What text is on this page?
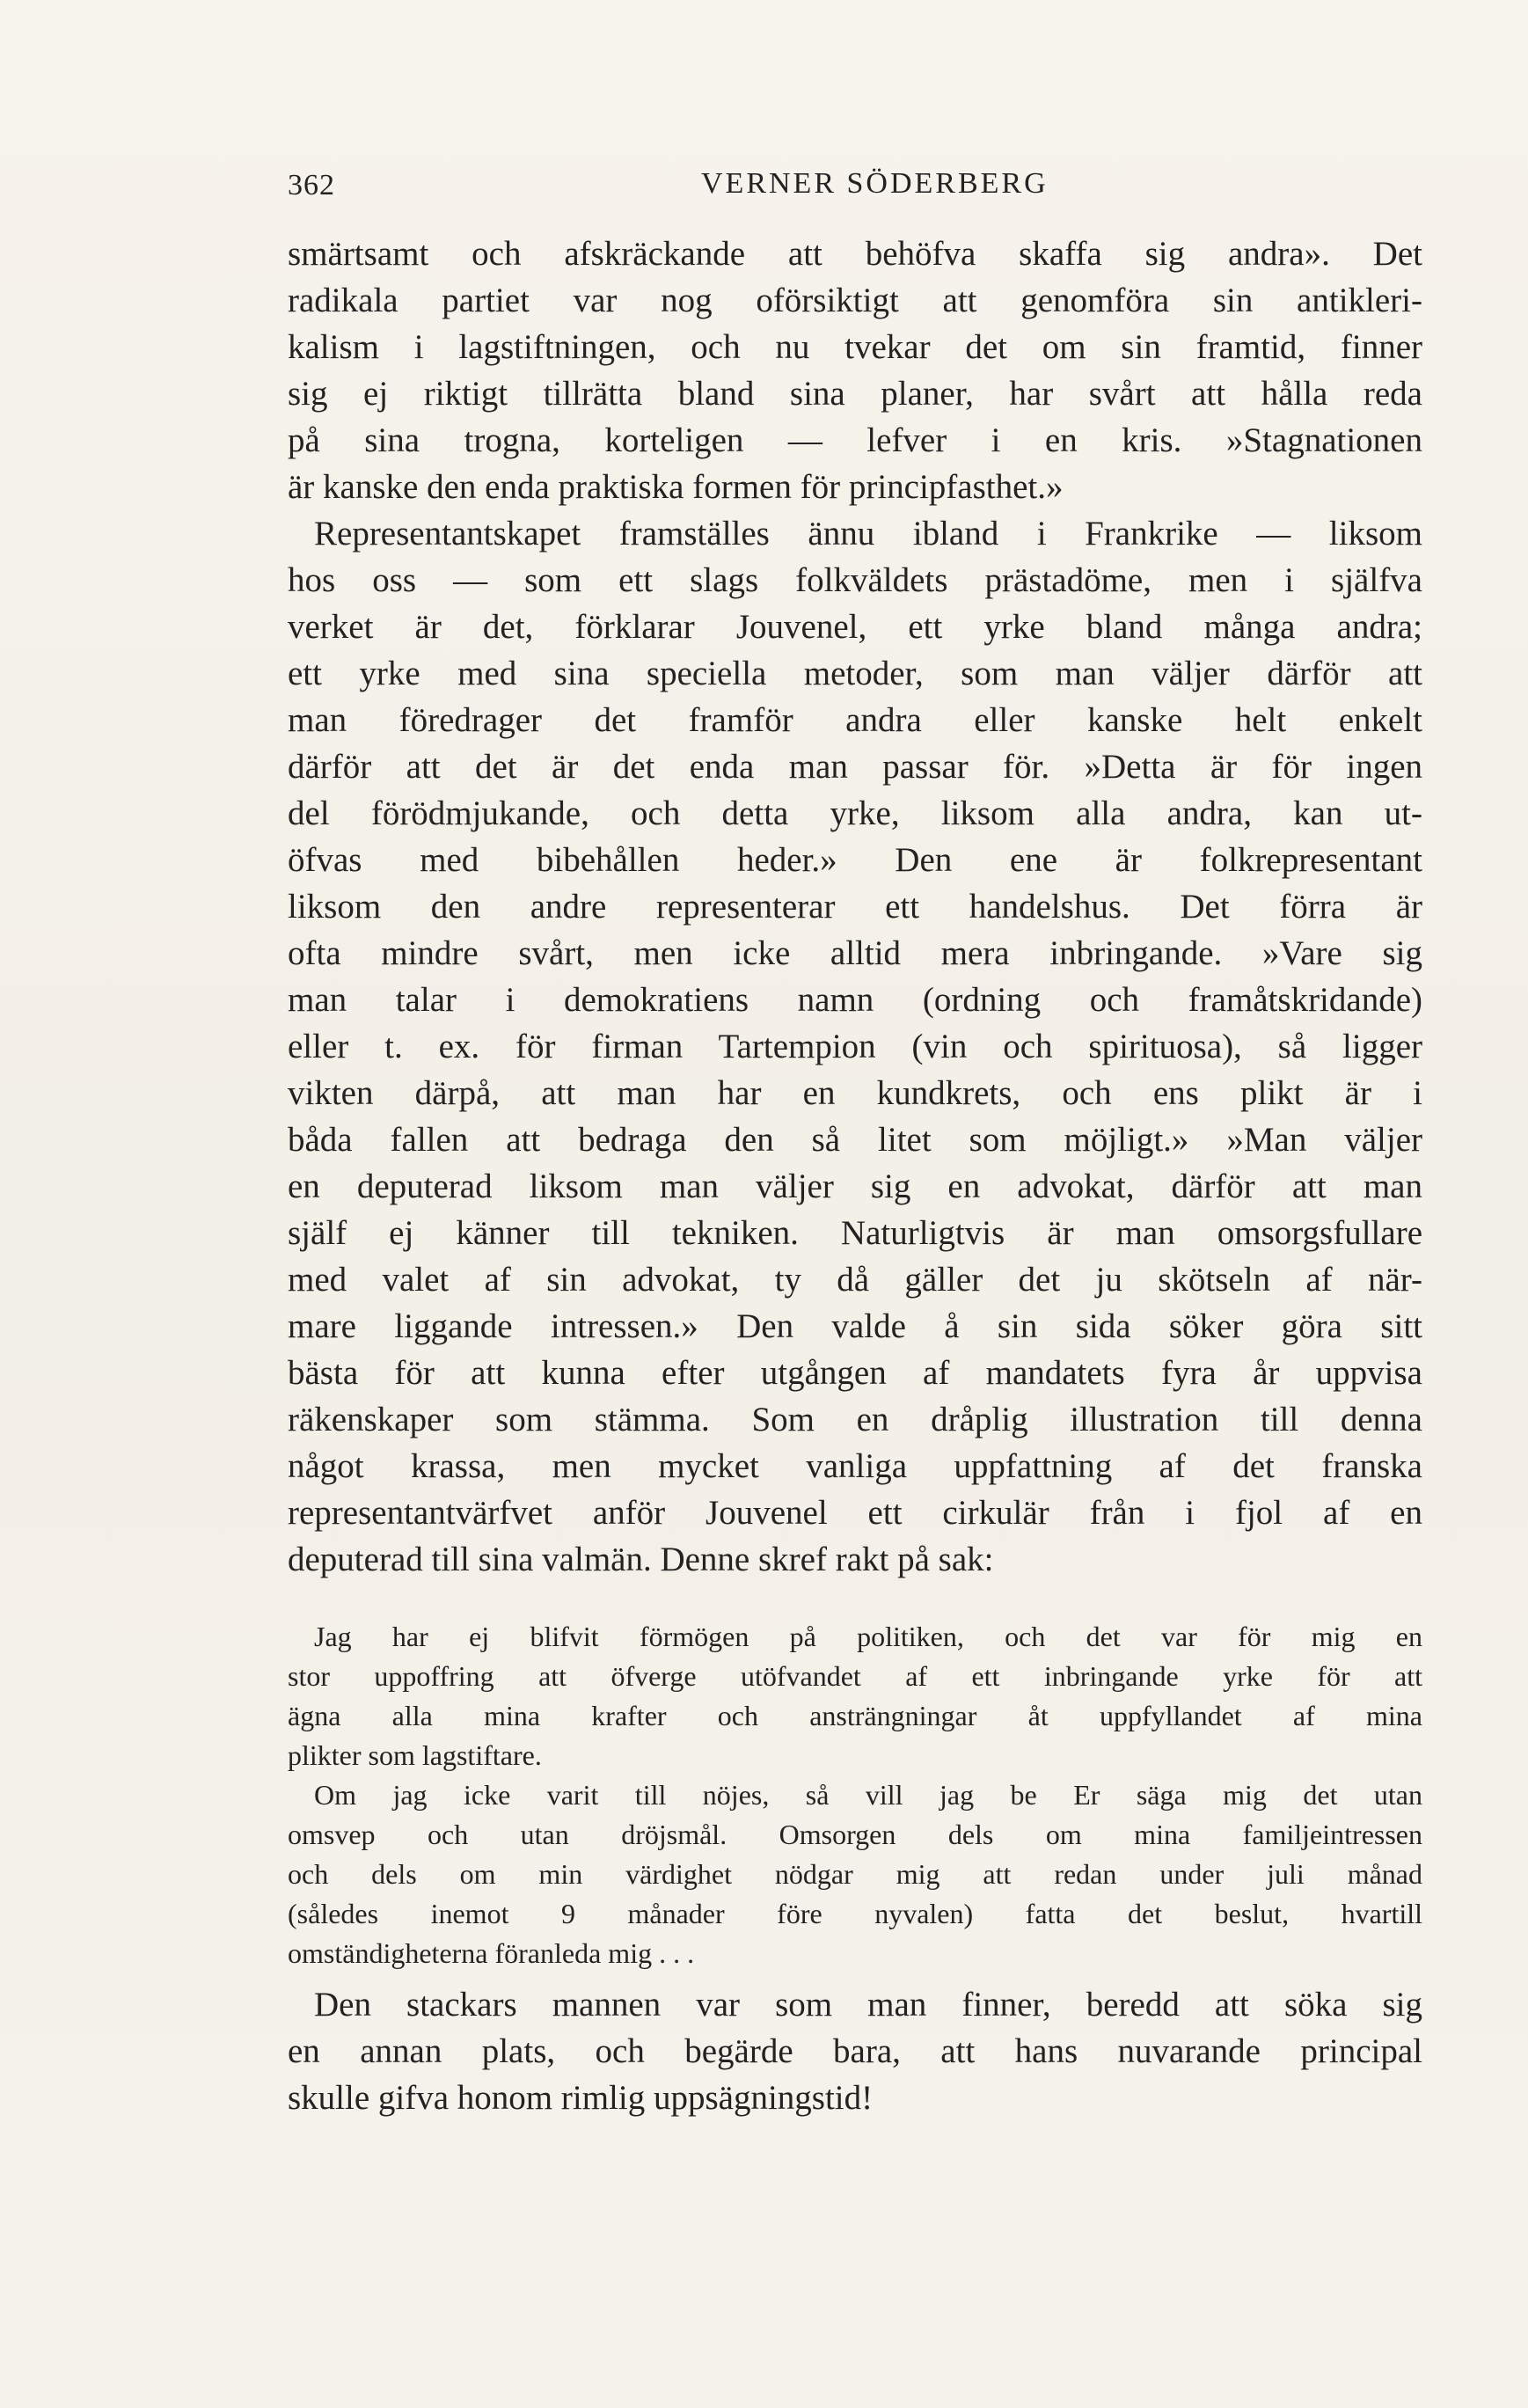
362	VERNER SÖDERBERG
smärtsamt och afskräckande att behöfva skaffa sig andra». Det
radikala partiet var nog oförsiktigt att genomföra sin antikleri-
kalism i lagstiftningen, och nu tvekar det om sin framtid, finner
sig ej riktigt tillrätta bland sina planer, har svårt att hålla reda
på sina trogna, korteligen — lefver i en kris. »Stagnationen
är kanske den enda praktiska formen för principfasthet.»
Representantskapet framställes ännu ibland i Frankrike — liksom
hos oss — som ett slags folkväldets prästadöme, men i själfva
verket är det, förklarar Jouvenel, ett yrke bland många andra;
ett yrke med sina speciella metoder, som man väljer därför att
man föredrager det framför andra eller kanske helt enkelt
därför att det är det enda man passar för. »Detta är för ingen
del förödmjukande, och detta yrke, liksom alla andra, kan ut-
öfvas med bibehållen heder.» Den ene är folkrepresentant
liksom den andre representerar ett handelshus. Det förra är
ofta mindre svårt, men icke alltid mera inbringande. »Vare sig
man talar i demokratiens namn (ordning och framåtskridande)
eller t. ex. för firman Tartempion (vin och spirituosa), så ligger
vikten därpå, att man har en kundkrets, och ens plikt är i
båda fallen att bedraga den så litet som möjligt.» »Man väljer
en deputerad liksom man väljer sig en advokat, därför att man
själf ej känner till tekniken. Naturligtvis är man omsorgsfullare
med valet af sin advokat, ty då gäller det ju skötseln af när-
mare liggande intressen.» Den valde å sin sida söker göra sitt
bästa för att kunna efter utgången af mandatets fyra år uppvisa
räkenskaper som stämma. Som en dråplig illustration till denna
något krassa, men mycket vanliga uppfattning af det franska
representantvärfvet anför Jouvenel ett cirkulär från i fjol af en
deputerad till sina valmän. Denne skref rakt på sak:
Jag har ej blifvit förmögen på politiken, och det var för mig en
stor uppoffring att öfverge utöfvandet af ett inbringande yrke för att
ägna alla mina krafter och ansträngningar åt uppfyllandet af mina
plikter som lagstiftare.
Om jag icke varit till nöjes, så vill jag be Er säga mig det utan
omsvep och utan dröjsmål. Omsorgen dels om mina familjeintressen
och dels om min värdighet nödgar mig att redan under juli månad
(således inemot 9 månader före nyvalen) fatta det beslut, hvartill
omständigheterna föranleda mig . . .
Den stackars mannen var som man finner, beredd att söka sig
en annan plats, och begärde bara, att hans nuvarande principal
skulle gifva honom rimlig uppsägningstid!
